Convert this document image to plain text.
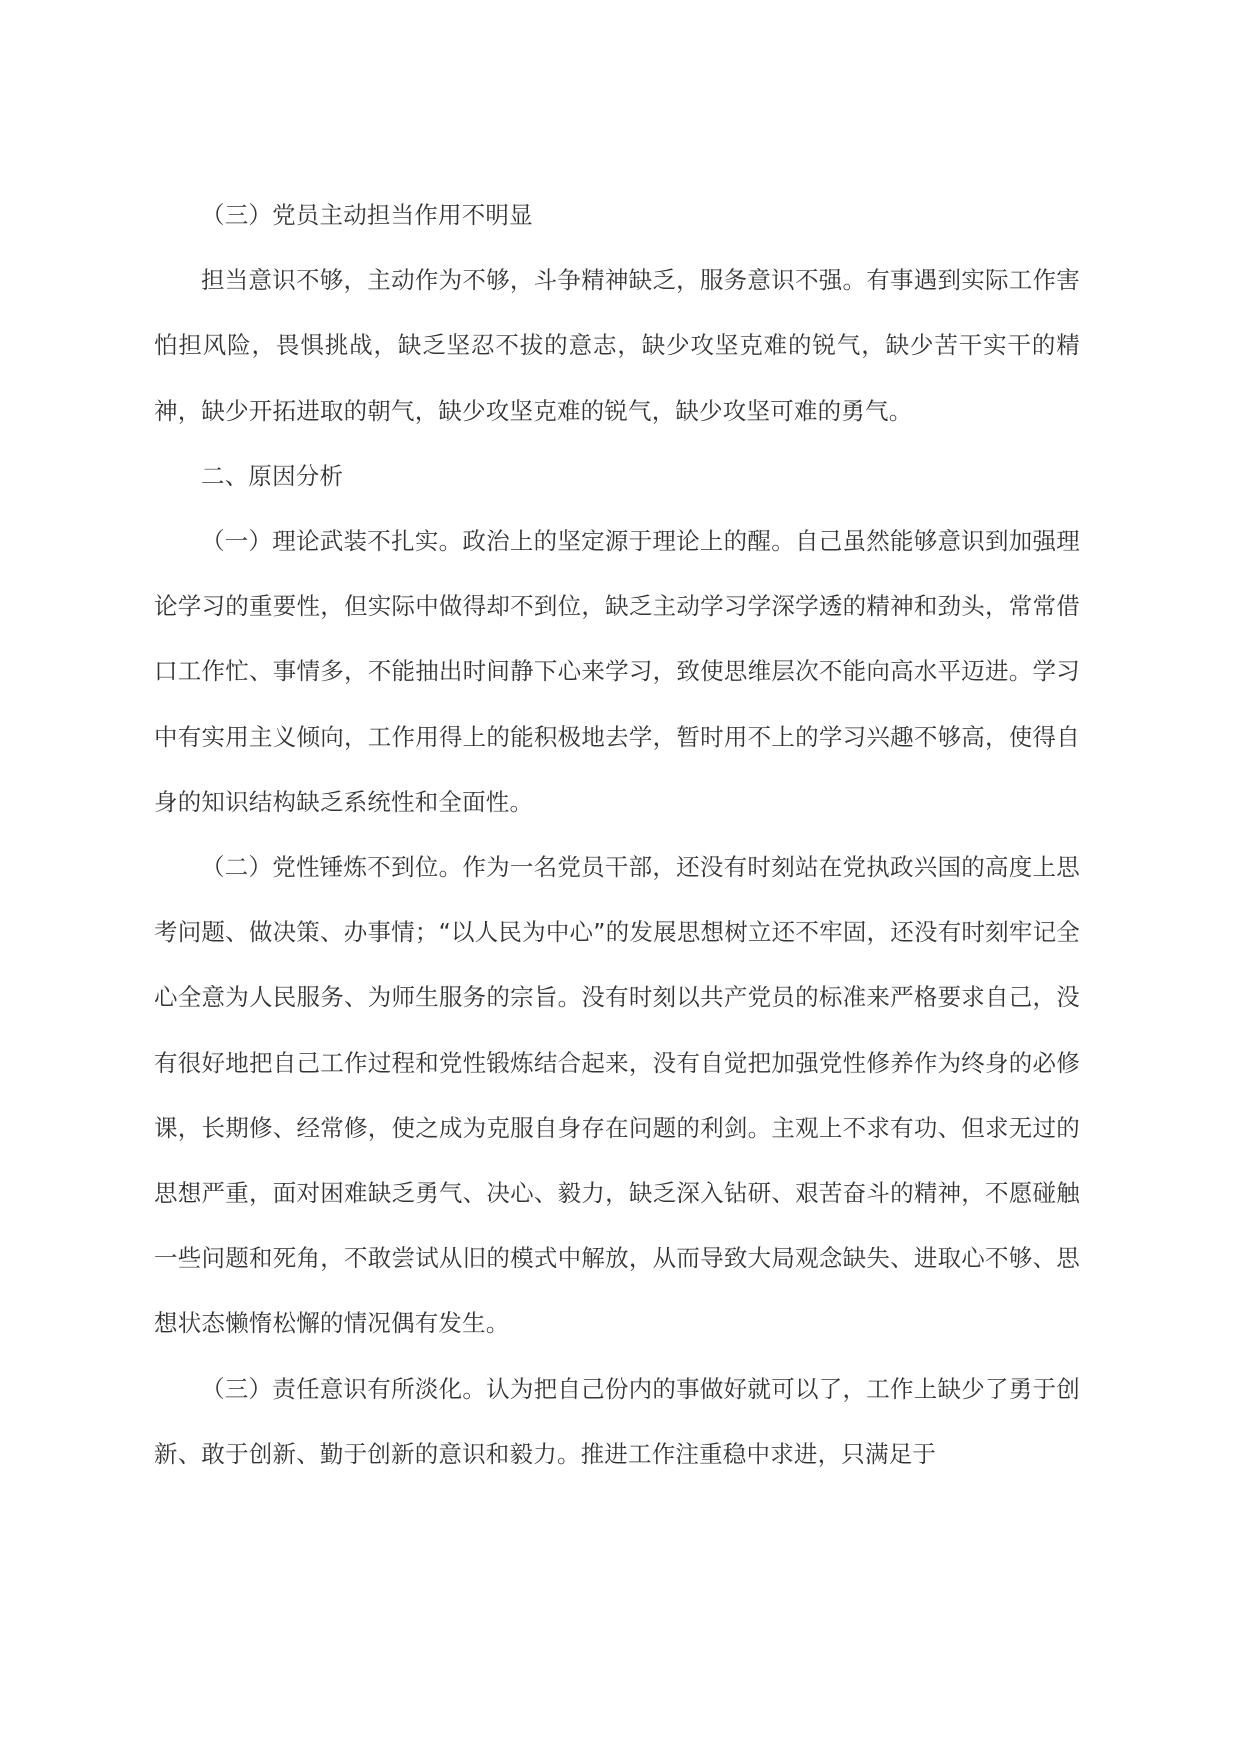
（三）党员主动担当作用不明显

担当意识不够，主动作为不够，斗争精神缺乏，服务意识不强。有事遇到实际工作害怕担风险，畏惧挑战，缺乏坚忍不拔的意志，缺少攻坚克难的锐气，缺少苦干实干的精神，缺少开拓进取的朝气，缺少攻坚克难的锐气，缺少攻坚可难的勇气。

二、原因分析

（一）理论武装不扎实。政治上的坚定源于理论上的醒。自己虽然能够意识到加强理论学习的重要性，但实际中做得却不到位，缺乏主动学习学深学透的精神和劲头，常常借口工作忙、事情多，不能抽出时间静下心来学习，致使思维层次不能向高水平迈进。学习中有实用主义倾向，工作用得上的能积极地去学，暂时用不上的学习兴趣不够高，使得自身的知识结构缺乏系统性和全面性。

（二）党性锤炼不到位。作为一名党员干部，还没有时刻站在党执政兴国的高度上思考问题、做决策、办事情；“以人民为中心”的发展思想树立还不牢固，还没有时刻牢记全心全意为人民服务、为师生服务的宗旨。没有时刻以共产党员的标准来严格要求自己，没有很好地把自己工作过程和党性锻炼结合起来，没有自觉把加强党性修养作为终身的必修课，长期修、经常修，使之成为克服自身存在问题的利剑。主观上不求有功、但求无过的思想严重，面对困难缺乏勇气、决心、毅力，缺乏深入钻研、艰苦奋斗的精神，不愿碰触一些问题和死角，不敢尝试从旧的模式中解放，从而导致大局观念缺失、进取心不够、思想状态懒惰松懈的情况偶有发生。

（三）责任意识有所淡化。认为把自己份内的事做好就可以了，工作上缺少了勇于创新、敢于创新、勤于创新的意识和毅力。推进工作注重稳中求进，只满足于
